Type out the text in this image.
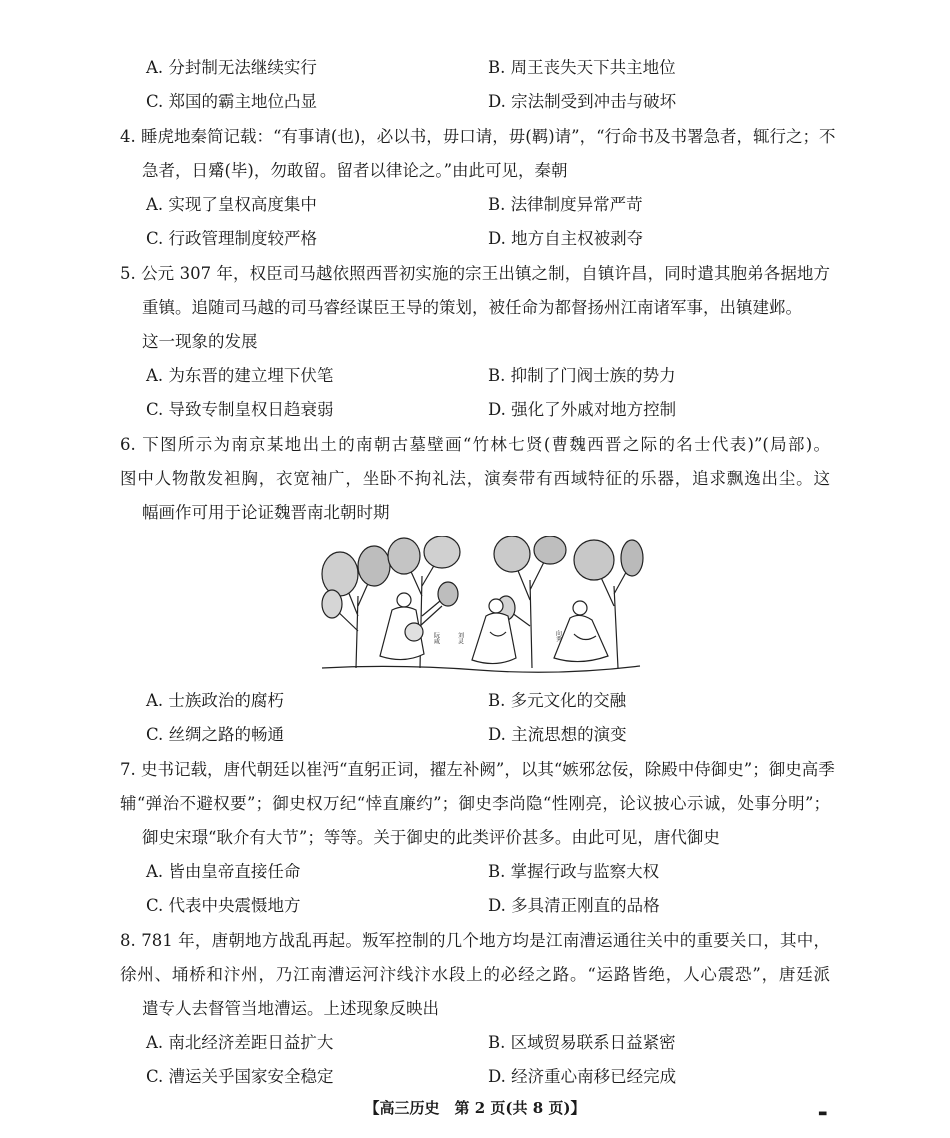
A. 分封制无法继续实行	B. 周王丧失天下共主地位
C. 郑国的霸主地位凸显	D. 宗法制受到冲击与破坏
4. 睡虎地秦简记载：“有事请(也)，必以书，毋口请，毋(羁)请”，“行命书及书署急者，辄行之；不
急者，日觱(毕)，勿敢留。留者以律论之。”由此可见，秦朝
A. 实现了皇权高度集中	B. 法律制度异常严苛
C. 行政管理制度较严格	D. 地方自主权被剥夺
5. 公元 307 年，权臣司马越依照西晋初实施的宗王出镇之制，自镇许昌，同时遣其胞弟各据地方
重镇。追随司马越的司马睿经谋臣王导的策划，被任命为都督扬州江南诸军事，出镇建邺。
这一现象的发展
A. 为东晋的建立埋下伏笔	B. 抑制了门阀士族的势力
C. 导致专制皇权日趋衰弱	D. 强化了外戚对地方控制
6. 下图所示为南京某地出土的南朝古墓壁画“竹林七贤(曹魏西晋之际的名士代表)”(局部)。
图中人物散发袒胸，衣宽袖广，坐卧不拘礼法，演奏带有西域特征的乐器，追求飘逸出尘。这
幅画作可用于论证魏晋南北朝时期
阮咸	刘灵	向秀
A. 士族政治的腐朽	B. 多元文化的交融
C. 丝绸之路的畅通	D. 主流思想的演变
7. 史书记载，唐代朝廷以崔沔“直躬正词，擢左补阙”，以其“嫉邪忿佞，除殿中侍御史”；御史高季
辅“弹治不避权要”；御史权万纪“悻直廉约”；御史李尚隐“性刚亮，论议披心示诚，处事分明”；
御史宋璟“耿介有大节”；等等。关于御史的此类评价甚多。由此可见，唐代御史
A. 皆由皇帝直接任命	B. 掌握行政与监察大权
C. 代表中央震慑地方	D. 多具清正刚直的品格
8. 781 年，唐朝地方战乱再起。叛军控制的几个地方均是江南漕运通往关中的重要关口，其中，
徐州、埇桥和汴州，乃江南漕运河汴线汴水段上的必经之路。“运路皆绝，人心震恐”，唐廷派
遣专人去督管当地漕运。上述现象反映出
A. 南北经济差距日益扩大	B. 区域贸易联系日益紧密
C. 漕运关乎国家安全稳定	D. 经济重心南移已经完成
【高三历史　第 2 页(共 8 页)】	▬
